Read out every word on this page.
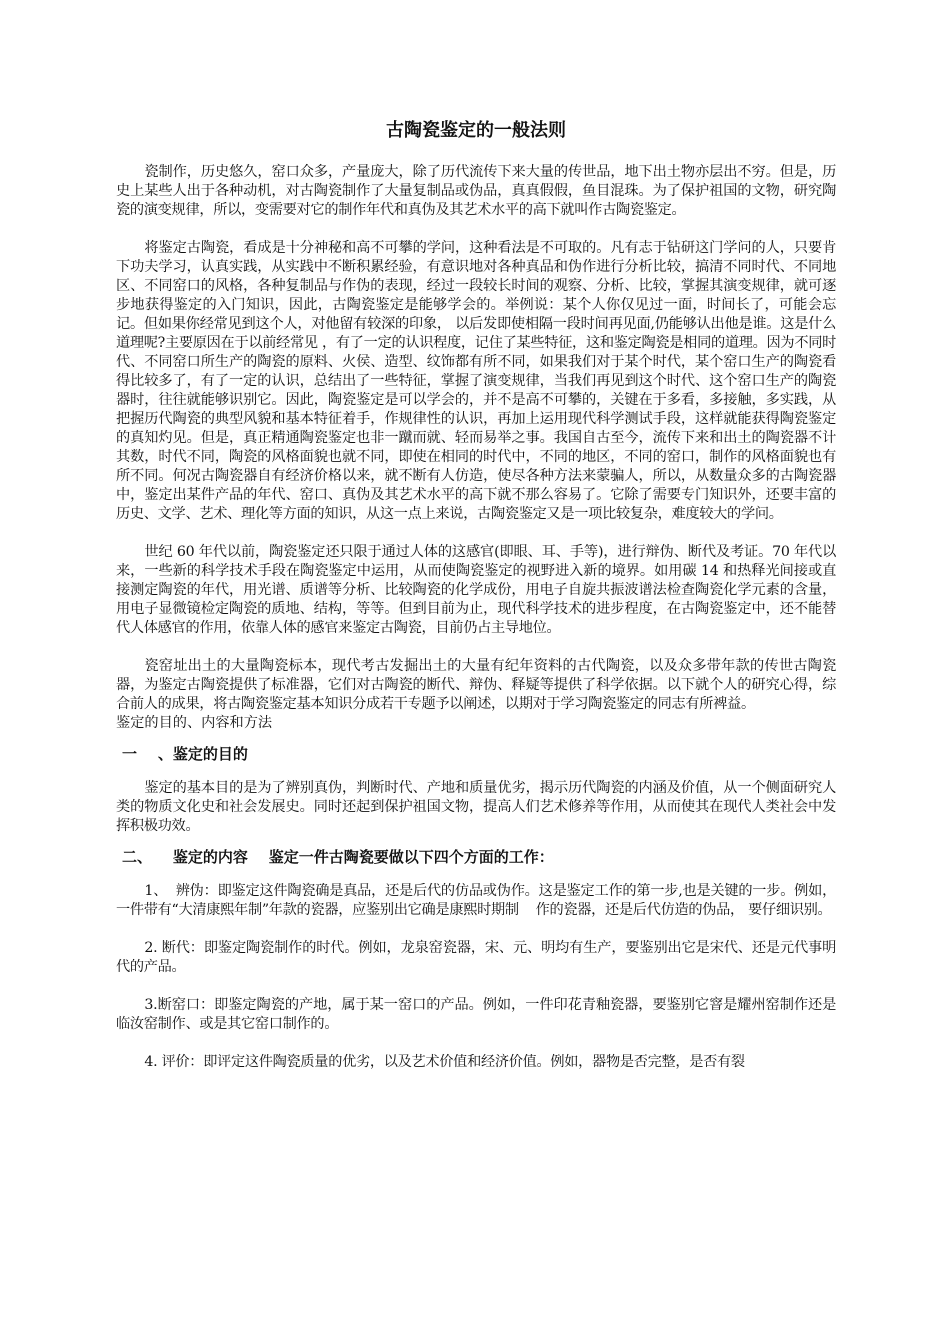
古陶瓷鉴定的一般法则

瓷制作，历史悠久，窑口众多，产量庞大，除了历代流传下来大量的传世品，地下出土物亦层出不穷。但是，历史上某些人出于各种动机，对古陶瓷制作了大量复制品或伪品，真真假假，鱼目混珠。为了保护祖国的文物，研究陶瓷的演变规律，所以，变需要对它的制作年代和真伪及其艺术水平的高下就叫作古陶瓷鉴定。

将鉴定古陶瓷，看成是十分神秘和高不可攀的学问，这种看法是不可取的。凡有志于钻研这门学问的人，只要肯下功夫学习，认真实践，从实践中不断积累经验，有意识地对各种真品和伪作进行分析比较，搞清不同时代、不同地区、不同窑口的风格，各种复制品与作伪的表现，经过一段较长时间的观察、分析、比较，掌握其演变规律，就可逐步地获得鉴定的入门知识，因此，古陶瓷鉴定是能够学会的。举例说：某个人你仅见过一面，时间长了，可能会忘记。但如果你经常见到这个人，对他留有较深的印象， 以后发即使相隔一段时间再见面,仍能够认出他是谁。这是什么道理呢?主要原因在于以前经常见 ，有了一定的认识程度，记住了某些特征，这和鉴定陶瓷是相同的道理。因为不同时代、不同窑口所生产的陶瓷的原料、火侯、造型、纹饰都有所不同，如果我们对于某个时代，某个窑口生产的陶瓷看得比较多了，有了一定的认识，总结出了一些特征，掌握了演变规律，当我们再见到这个时代、这个窑口生产的陶瓷器时，往往就能够识别它。因此，陶瓷鉴定是可以学会的，并不是高不可攀的，关键在于多看，多接触，多实践，从把握历代陶瓷的典型风貌和基本特征着手，作规律性的认识，再加上运用现代科学测试手段，这样就能获得陶瓷鉴定的真知灼见。但是，真正精通陶瓷鉴定也非一蹴而就、轻而易举之事。我国自古至今，流传下来和出土的陶瓷器不计其数，时代不同，陶瓷的风格面貌也就不同，即使在相同的时代中，不同的地区，不同的窑口，制作的风格面貌也有所不同。何况古陶瓷器自有经济价格以来，就不断有人仿造，使尽各种方法来蒙骗人，所以，从数量众多的古陶瓷器中，鉴定出某件产品的年代、窑口、真伪及其艺术水平的高下就不那么容易了。它除了需要专门知识外，还要丰富的历史、文学、艺术、理化等方面的知识，从这一点上来说，古陶瓷鉴定又是一项比较复杂，难度较大的学问。

世纪 60 年代以前，陶瓷鉴定还只限于通过人体的这感官(即眼、耳、手等)，进行辩伪、断代及考证。70 年代以来，一些新的科学技术手段在陶瓷鉴定中运用，从而使陶瓷鉴定的视野进入新的境界。如用碳 14 和热释光间接或直接测定陶瓷的年代，用光谱、质谱等分析、比较陶瓷的化学成份，用电子自旋共振波谱法检查陶瓷化学元素的含量，用电子显微镜检定陶瓷的质地、结构，等等。但到目前为止，现代科学技术的进步程度，在古陶瓷鉴定中，还不能替代人体感官的作用，依靠人体的感官来鉴定古陶瓷，目前仍占主导地位。

瓷窑址出土的大量陶瓷标本，现代考古发掘出土的大量有纪年资料的古代陶瓷，以及众多带年款的传世古陶瓷器，为鉴定古陶瓷提供了标准器，它们对古陶瓷的断代、辩伪、释疑等提供了科学依据。以下就个人的研究心得，综合前人的成果，将古陶瓷鉴定基本知识分成若干专题予以阐述，以期对于学习陶瓷鉴定的同志有所裨益。

鉴定的目的、内容和方法

一    、鉴定的目的

鉴定的基本目的是为了辨别真伪，判断时代、产地和质量优劣，揭示历代陶瓷的内涵及价值，从一个侧面研究人类的物质文化史和社会发展史。同时还起到保护祖国文物，提高人们艺术修养等作用，从而使其在现代人类社会中发挥积极功效。

二、    鉴定的内容    鉴定一件古陶瓷要做以下四个方面的工作：

1、  辨伪：即鉴定这件陶瓷确是真品，还是后代的仿品或伪作。这是鉴定工作的第一步,也是关键的一步。例如，一件带有“大清康熙年制”年款的瓷器，应鉴别出它确是康熙时期制    作的瓷器，还是后代仿造的伪品， 要仔细识别。

2. 断代：即鉴定陶瓷制作的时代。例如，龙泉窑瓷器，宋、元、明均有生产，要鉴别出它是宋代、还是元代事明代的产品。

3.断窑口：即鉴定陶瓷的产地，属于某一窑口的产品。例如，一件印花青釉瓷器，要鉴别它窨是耀州窑制作还是临汝窑制作、或是其它窑口制作的。

4. 评价：即评定这件陶瓷质量的优劣，以及艺术价值和经济价值。例如，器物是否完整，是否有裂
